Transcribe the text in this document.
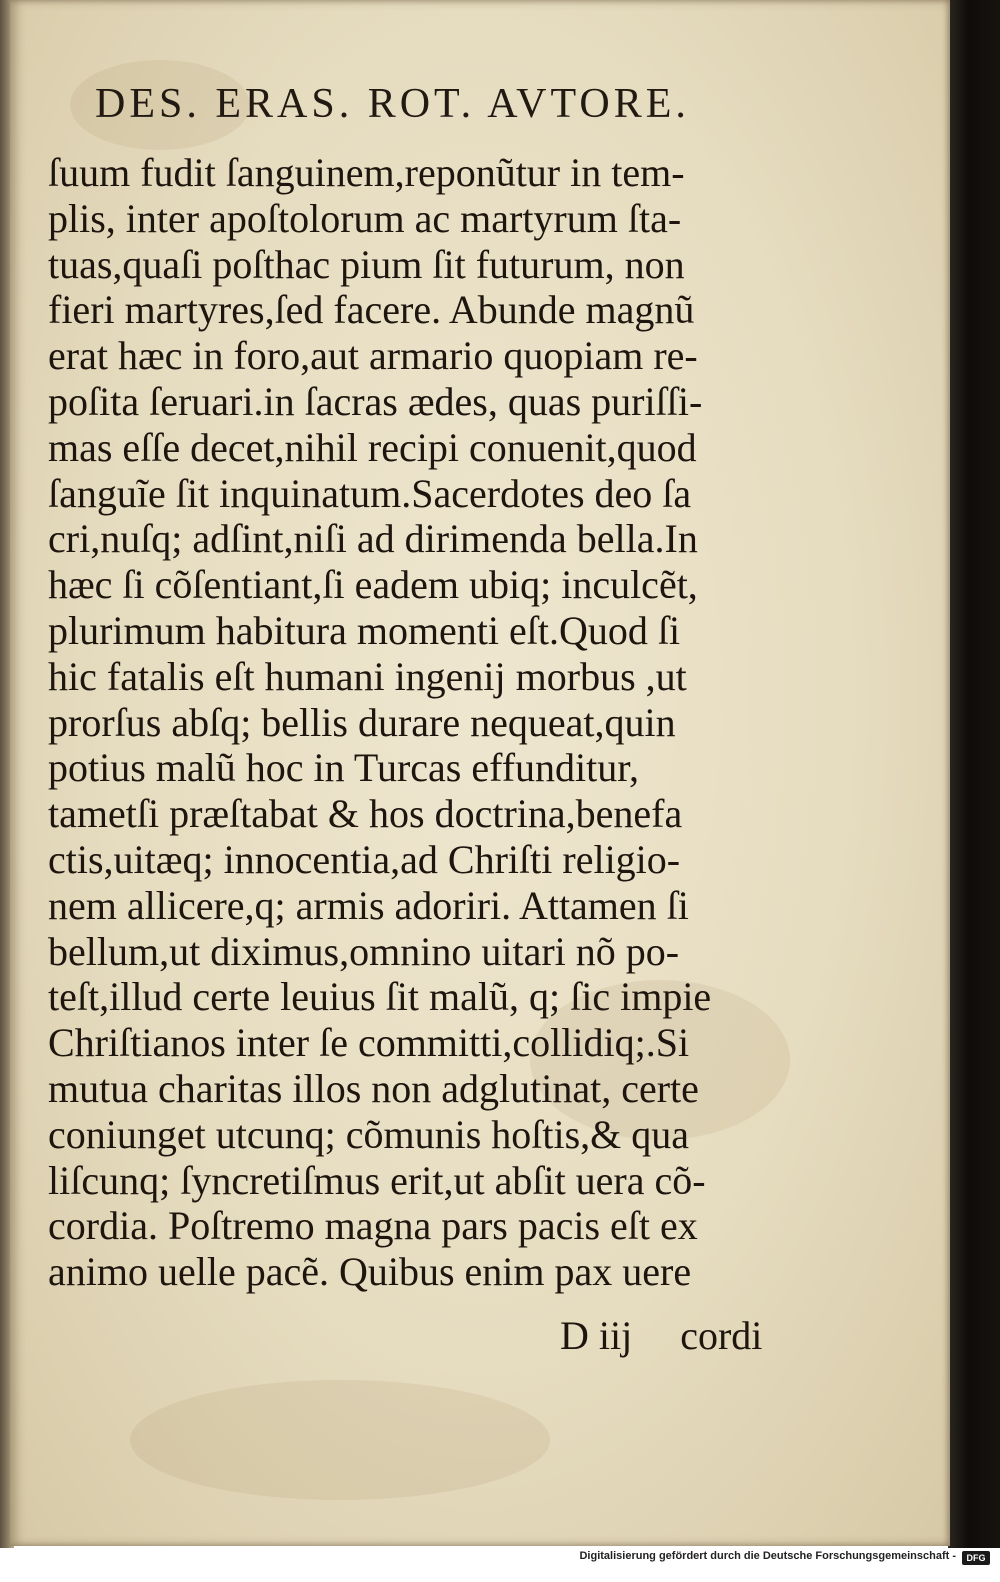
DES. ERAS. ROT. AVTORE.
ſuum fudit ſanguinem,reponũtur in tem-
plis, inter apoſtolorum ac martyrum ſta-
tuas,quaſi poſthac pium ſit futurum, non
fieri martyres,ſed facere. Abunde magnũ
erat hæc in foro,aut armario quopiam re-
poſita ſeruari.in ſacras ædes, quas puriſſi-
mas eſſe decet,nihil recipi conuenit,quod
ſanguĩe ſit inquinatum.Sacerdotes deo ſa
cri,nuſq; adſint,niſi ad dirimenda bella.In
hæc ſi cõſentiant,ſi eadem ubiq; inculcẽt,
plurimum habitura momenti eſt.Quod ſi
hic fatalis eſt humani ingenij morbus ,ut
prorſus abſq; bellis durare nequeat,quin
potius malũ hoc in Turcas effunditur,
tametſi præſtabat & hos doctrina,benefa
ctis,uitæq; innocentia,ad Chriſti religio-
nem allicere,q; armis adoriri. Attamen ſi
bellum,ut diximus,omnino uitari nõ po-
teſt,illud certe leuius ſit malũ, q; ſic impie
Chriſtianos inter ſe committi,collidiq;.Si
mutua charitas illos non adglutinat, certe
coniunget utcunq; cõmunis hoſtis,& qua
liſcunq; ſyncretiſmus erit,ut abſit uera cõ-
cordia. Poſtremo magna pars pacis eſt ex
animo uelle pacẽ. Quibus enim pax uere
D iij cordi
Digitalisierung gefördert durch die Deutsche Forschungsgemeinschaft -	DFG
